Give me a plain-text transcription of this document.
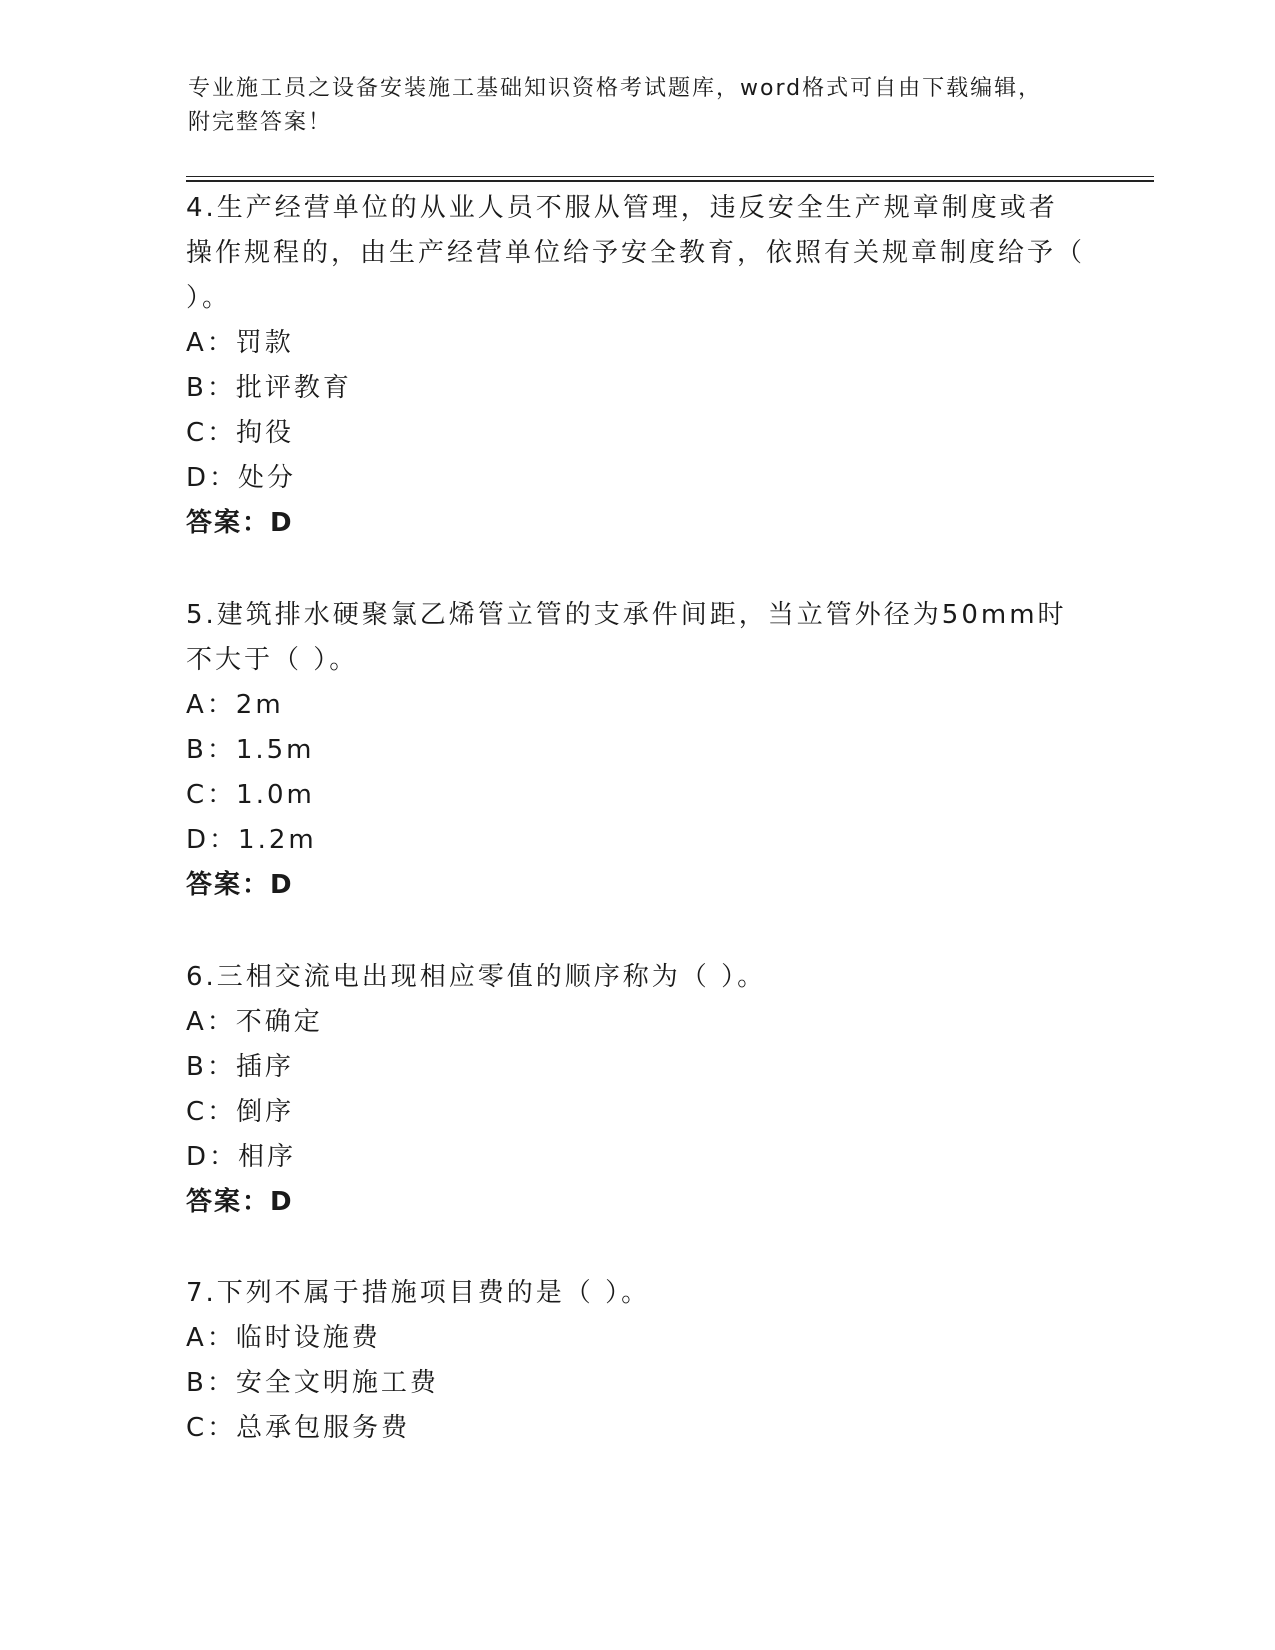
专业施工员之设备安装施工基础知识资格考试题库，word格式可自由下载编辑，
附完整答案！
4.生产经营单位的从业人员不服从管理，违反安全生产规章制度或者操作规程的，由生产经营单位给予安全教育，依照有关规章制度给予（ ）。
A：罚款
B：批评教育
C：拘役
D：处分
答案：D
5.建筑排水硬聚氯乙烯管立管的支承件间距，当立管外径为50mm时不大于（ ）。
A：2m
B：1.5m
C：1.0m
D：1.2m
答案：D
6.三相交流电出现相应零值的顺序称为（ ）。
A：不确定
B：插序
C：倒序
D：相序
答案：D
7.下列不属于措施项目费的是（ ）。
A：临时设施费
B：安全文明施工费
C：总承包服务费
